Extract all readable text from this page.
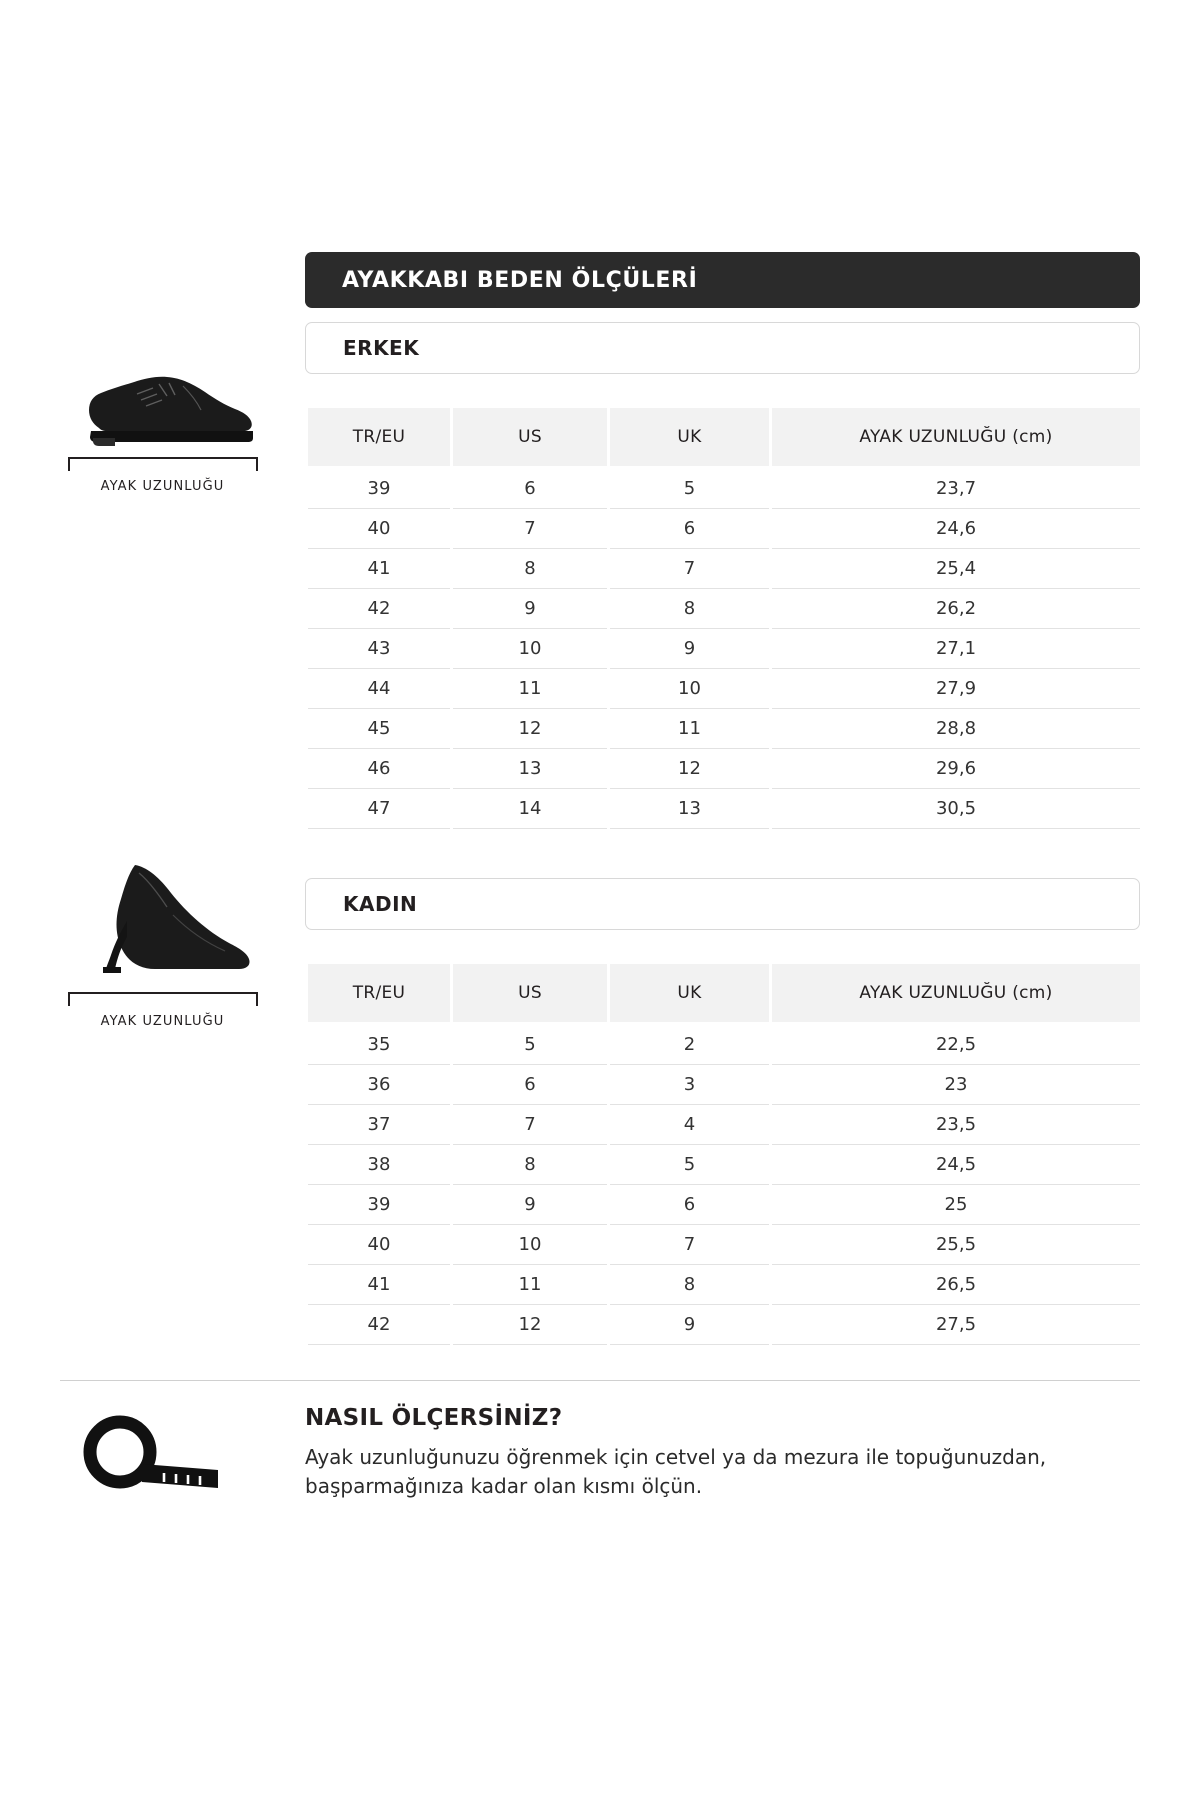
AYAKKABI BEDEN ÖLÇÜLERİ
AYAK UZUNLUĞU
ERKEK
TR/EU	US	UK	AYAK UZUNLUĞU (cm)
39	6	5	23,7
40	7	6	24,6
41	8	7	25,4
42	9	8	26,2
43	10	9	27,1
44	11	10	27,9
45	12	11	28,8
46	13	12	29,6
47	14	13	30,5
AYAK UZUNLUĞU
KADIN
TR/EU	US	UK	AYAK UZUNLUĞU (cm)
35	5	2	22,5
36	6	3	23
37	7	4	23,5
38	8	5	24,5
39	9	6	25
40	10	7	25,5
41	11	8	26,5
42	12	9	27,5

NASIL ÖLÇERSİNİZ?

Ayak uzunluğunuzu öğrenmek için cetvel ya da mezura ile topuğunuzdan, başparmağınıza kadar olan kısmı ölçün.
